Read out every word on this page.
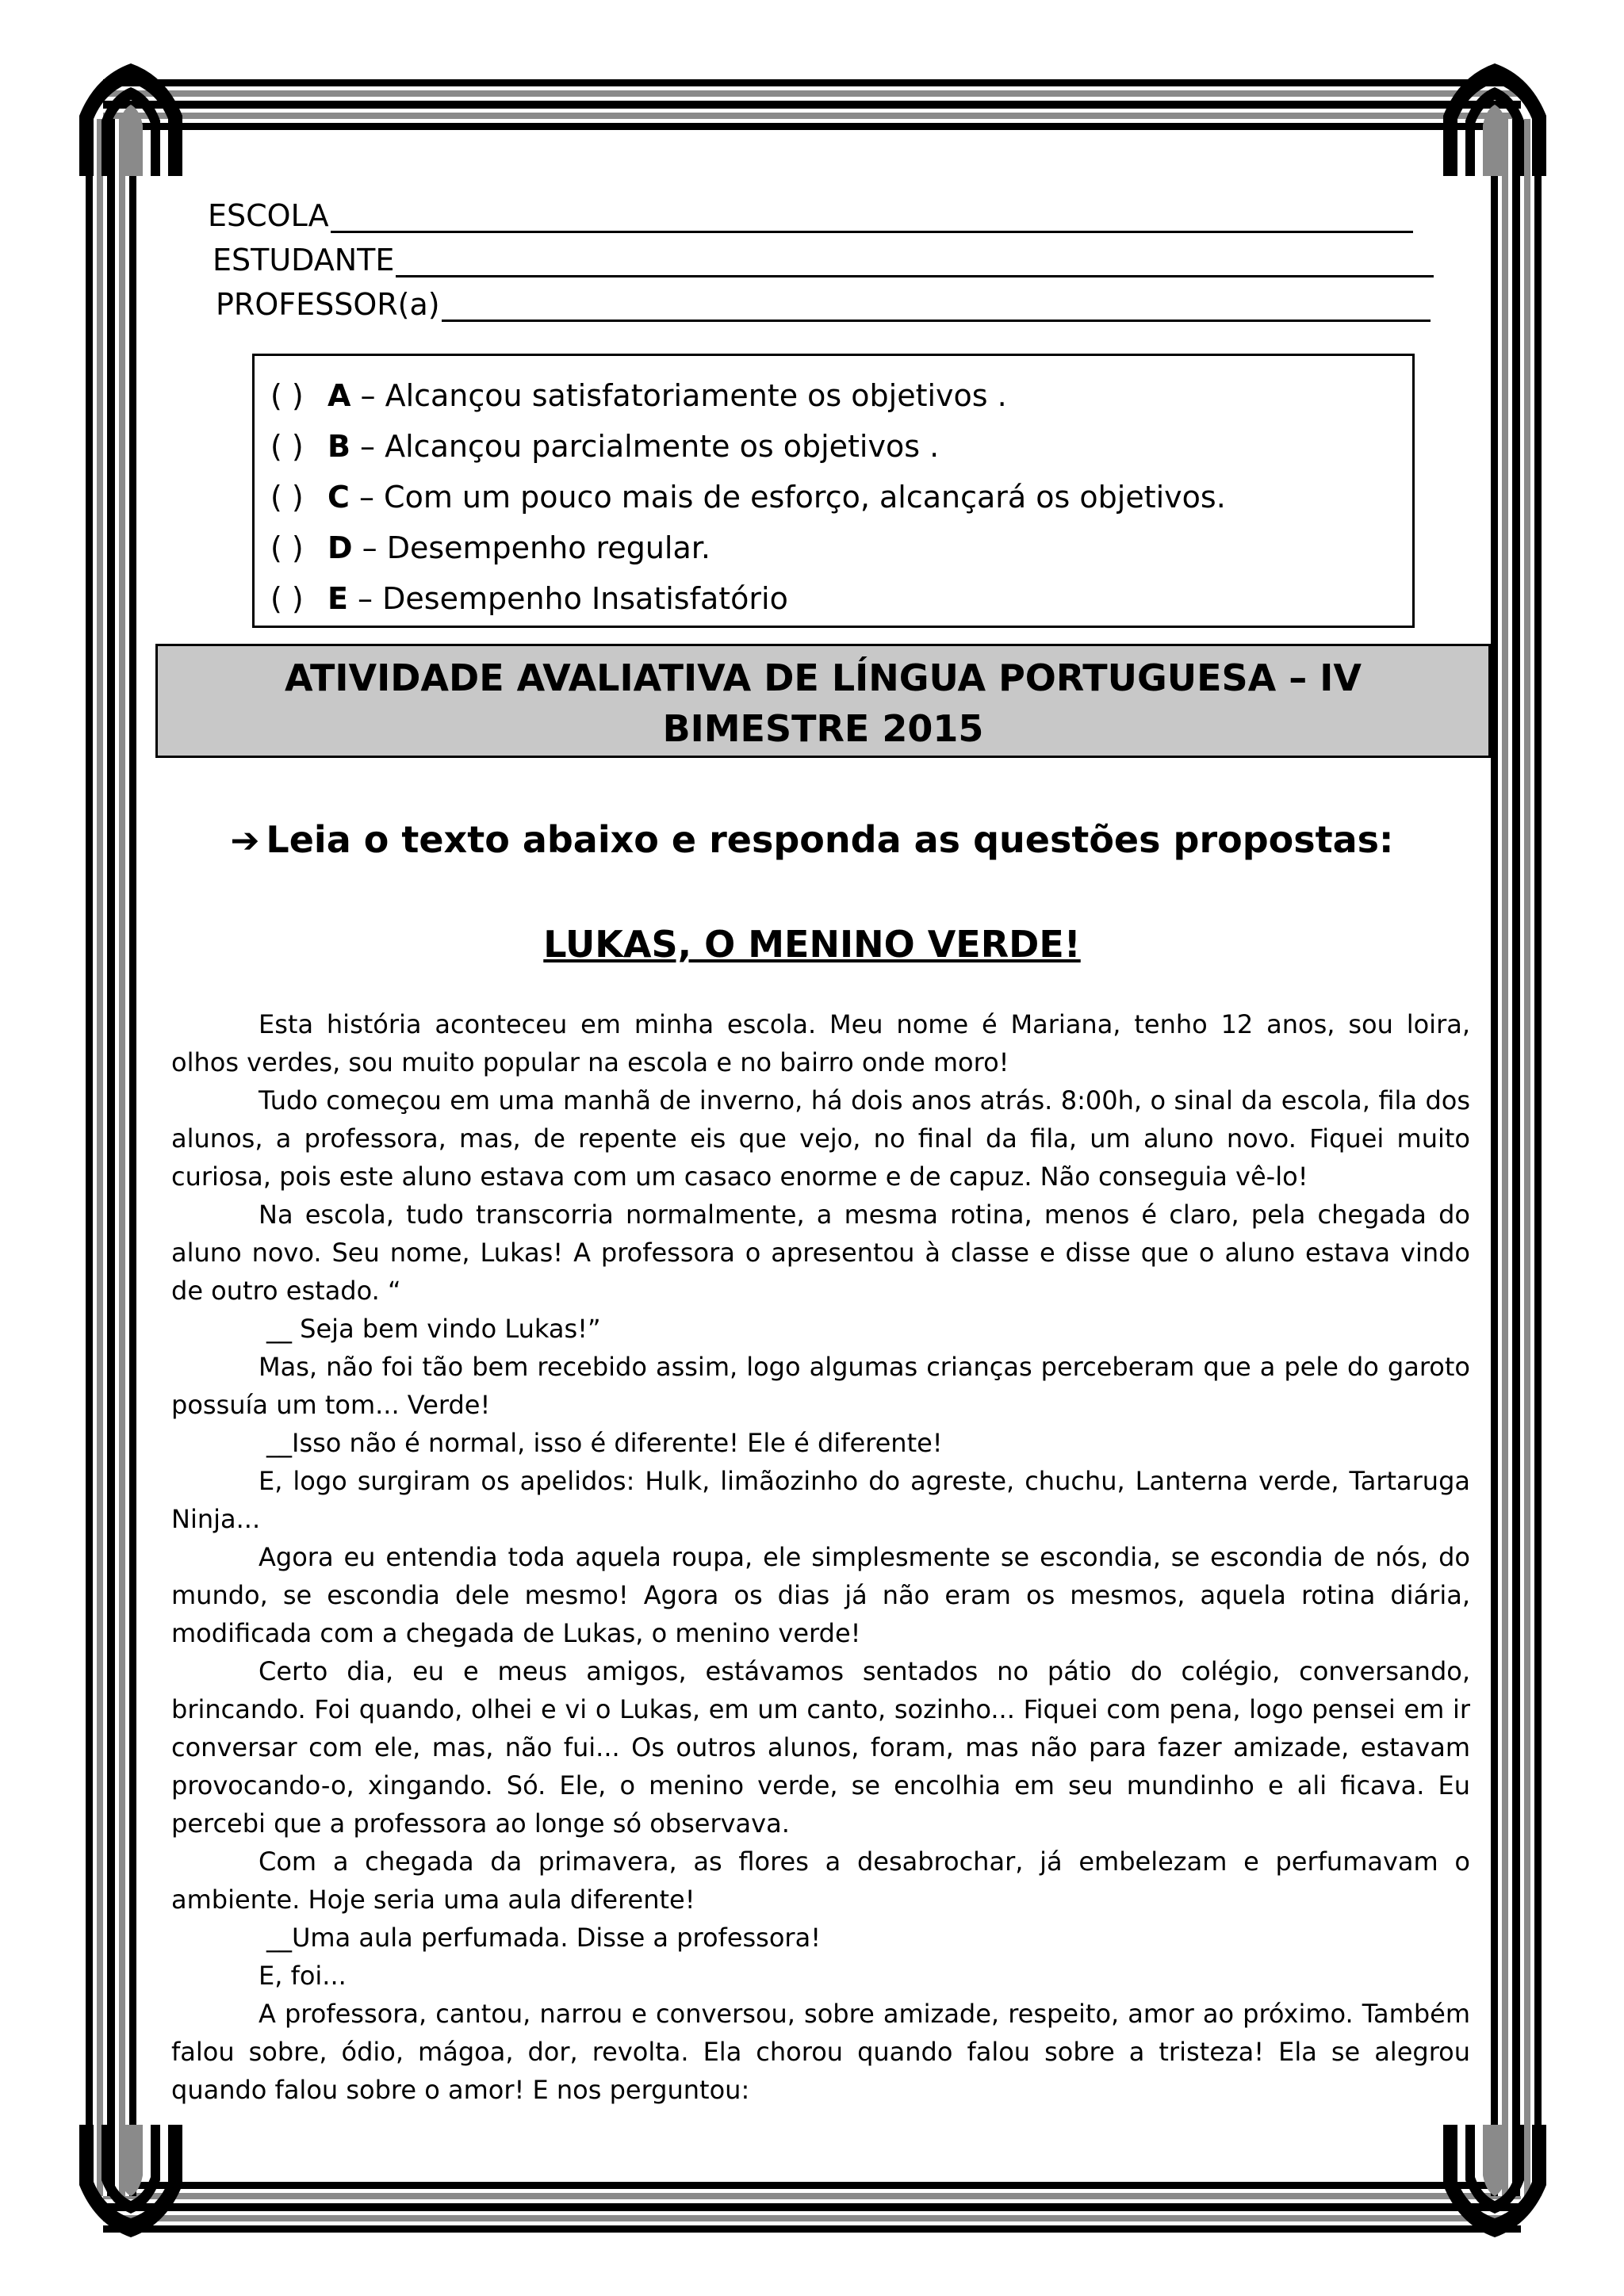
ESCOLA
ESTUDANTE
PROFESSOR(a)
( ) A – Alcançou satisfatoriamente os objetivos .
( ) B – Alcançou parcialmente os objetivos .
( ) C – Com um pouco mais de esforço, alcançará os objetivos.
( ) D – Desempenho regular.
( ) E – Desempenho Insatisfatório
ATIVIDADE AVALIATIVA DE LÍNGUA PORTUGUESA – IV
BIMESTRE 2015
➔ Leia o texto abaixo e responda as questões propostas:
LUKAS, O MENINO VERDE!

Esta história aconteceu em minha escola. Meu nome é Mariana, tenho 12 anos, sou loira, olhos verdes, sou muito popular na escola e no bairro onde moro!

Tudo começou em uma manhã de inverno, há dois anos atrás. 8:00h, o sinal da escola, fila dos alunos, a professora, mas, de repente eis que vejo, no final da fila, um aluno novo. Fiquei muito curiosa, pois este aluno estava com um casaco enorme e de capuz. Não conseguia vê-lo!

Na escola, tudo transcorria normalmente, a mesma rotina, menos é claro, pela chegada do aluno novo. Seu nome, Lukas! A professora o apresentou à classe e disse que o aluno estava vindo de outro estado. “

__ Seja bem vindo Lukas!”

Mas, não foi tão bem recebido assim, logo algumas crianças perceberam que a pele do garoto possuía um tom... Verde!

__Isso não é normal, isso é diferente! Ele é diferente!

E, logo surgiram os apelidos: Hulk, limãozinho do agreste, chuchu, Lanterna verde, Tartaruga Ninja...

Agora eu entendia toda aquela roupa, ele simplesmente se escondia, se escondia de nós, do mundo, se escondia dele mesmo! Agora os dias já não eram os mesmos, aquela rotina diária, modificada com a chegada de Lukas, o menino verde!

Certo dia, eu e meus amigos, estávamos sentados no pátio do colégio, conversando, brincando. Foi quando, olhei e vi o Lukas, em um canto, sozinho... Fiquei com pena, logo pensei em ir conversar com ele, mas, não fui... Os outros alunos, foram, mas não para fazer amizade, estavam provocando-o, xingando. Só. Ele, o menino verde, se encolhia em seu mundinho e ali ficava. Eu percebi que a professora ao longe só observava.

Com a chegada da primavera, as flores a desabrochar, já embelezam e perfumavam o ambiente. Hoje seria uma aula diferente!

__Uma aula perfumada. Disse a professora!

E, foi...

A professora, cantou, narrou e conversou, sobre amizade, respeito, amor ao próximo. Também falou sobre, ódio, mágoa, dor, revolta. Ela chorou quando falou sobre a tristeza! Ela se alegrou quando falou sobre o amor! E nos perguntou:
